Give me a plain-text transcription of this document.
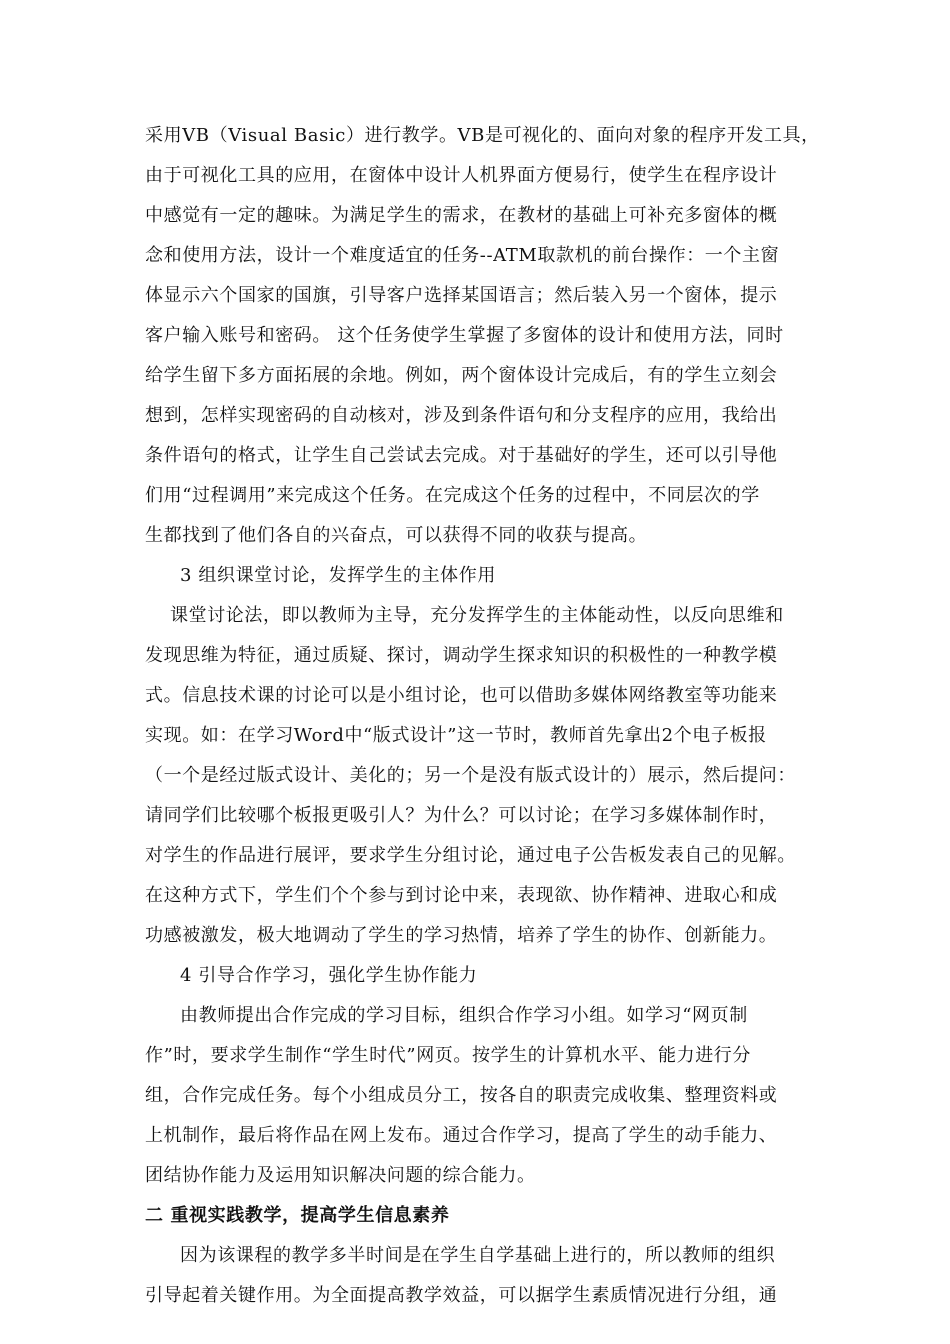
采用VB（Visual Basic）进行教学。VB是可视化的、面向对象的程序开发工具，
由于可视化工具的应用，在窗体中设计人机界面方便易行，使学生在程序设计
中感觉有一定的趣味。为满足学生的需求，在教材的基础上可补充多窗体的概
念和使用方法，设计一个难度适宜的任务--ATM取款机的前台操作：一个主窗
体显示六个国家的国旗，引导客户选择某国语言；然后装入另一个窗体，提示
客户输入账号和密码。 这个任务使学生掌握了多窗体的设计和使用方法，同时
给学生留下多方面拓展的余地。例如，两个窗体设计完成后，有的学生立刻会
想到，怎样实现密码的自动核对，涉及到条件语句和分支程序的应用，我给出
条件语句的格式，让学生自己尝试去完成。对于基础好的学生，还可以引导他
们用“过程调用”来完成这个任务。在完成这个任务的过程中，不同层次的学
生都找到了他们各自的兴奋点，可以获得不同的收获与提高。
3 组织课堂讨论，发挥学生的主体作用
课堂讨论法，即以教师为主导，充分发挥学生的主体能动性，以反向思维和
发现思维为特征，通过质疑、探讨，调动学生探求知识的积极性的一种教学模
式。信息技术课的讨论可以是小组讨论，也可以借助多媒体网络教室等功能来
实现。如：在学习Word中“版式设计”这一节时，教师首先拿出2个电子板报
（一个是经过版式设计、美化的；另一个是没有版式设计的）展示，然后提问：
请同学们比较哪个板报更吸引人？为什么？可以讨论；在学习多媒体制作时，
对学生的作品进行展评，要求学生分组讨论，通过电子公告板发表自己的见解。
在这种方式下，学生们个个参与到讨论中来，表现欲、协作精神、进取心和成
功感被激发，极大地调动了学生的学习热情，培养了学生的协作、创新能力。
4 引导合作学习，强化学生协作能力
由教师提出合作完成的学习目标，组织合作学习小组。如学习“网页制
作”时，要求学生制作“学生时代”网页。按学生的计算机水平、能力进行分
组，合作完成任务。每个小组成员分工，按各自的职责完成收集、整理资料或
上机制作，最后将作品在网上发布。通过合作学习，提高了学生的动手能力、
团结协作能力及运用知识解决问题的综合能力。
二 重视实践教学，提高学生信息素养
因为该课程的教学多半时间是在学生自学基础上进行的，所以教师的组织
引导起着关键作用。为全面提高教学效益，可以据学生素质情况进行分组，通
